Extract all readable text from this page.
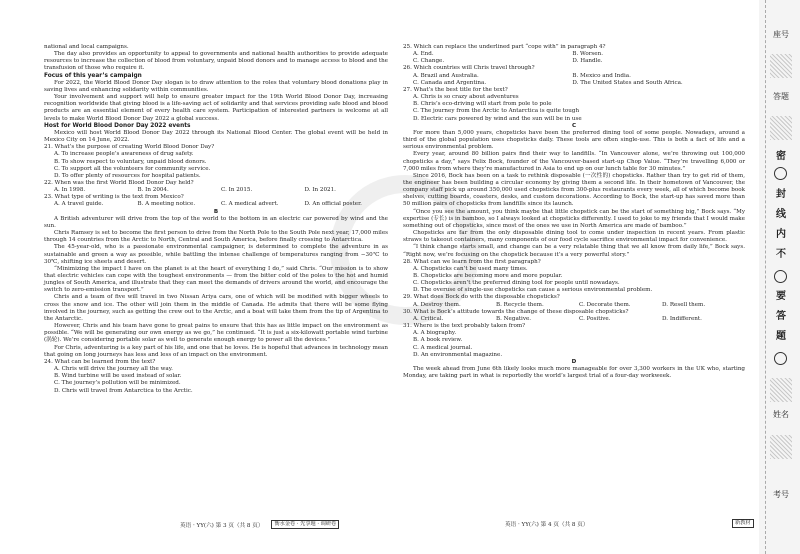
national and local campaigns.

The day also provides an opportunity to appeal to governments and national health authorities to provide adequate resources to increase the collection of blood from voluntary, unpaid blood donors and to manage access to blood and the transfusion of those who require it.

Focus of this year’s campaign

For 2022, the World Blood Donor Day slogan is to draw attention to the roles that voluntary blood donations play in saving lives and enhancing solidarity within communities.

Your involvement and support will help to ensure greater impact for the 19th World Blood Donor Day, increasing recognition worldwide that giving blood is a life-saving act of solidarity and that services providing safe blood and blood products are an essential element of every health care system. Participation of interested partners is welcome at all levels to make World Blood Donor Day 2022 a global success.

Host for World Blood Donor Day 2022 events

Mexico will host World Blood Donor Day 2022 through its National Blood Center. The global event will be held in Mexico City on 14 June, 2022.

21. What’s the purpose of creating World Blood Donor Day?

A. To increase people’s awareness of drug safety.

B. To show respect to voluntary, unpaid blood donors.

C. To support all the volunteers for community service.

D. To offer plenty of resources for hospital patients.

22. When was the first World Blood Donor Day held?

A. In 1998.	B. In 2004.	C. In 2015.	D. In 2021.

23. What type of writing is the text from Mexico?

A. A travel guide.	B. A meeting notice.	C. A medical advert.	D. An official poster.

B

A British adventurer will drive from the top of the world to the bottom in an electric car powered by wind and the sun.

Chris Ramsey is set to become the first person to drive from the North Pole to the South Pole next year, 17,000 miles through 14 countries from the Arctic to North, Central and South America, before finally crossing to Antarctica.

The 45-year-old, who is a passionate environmental campaigner, is determined to complete the adventure in as sustainable and green a way as possible, while battling the intense challenge of temperatures ranging from −30℃ to 30℃, shifting ice sheets and desert.

“Minimizing the impact I have on the planet is at the heart of everything I do,” said Chris. “Our mission is to show that electric vehicles can cope with the toughest environments — from the bitter cold of the poles to the hot and humid jungles of South America, and illustrate that they can meet the demands of drivers around the world, and encourage the switch to zero-emission transport.”

Chris and a team of five will travel in two Nissan Ariya cars, one of which will be modified with bigger wheels to cross the snow and ice. The other will join them in the middle of Canada. He admits that there will be some flying involved in the journey, such as getting the crew out to the Arctic, and a boat will take them from the tip of Argentina to the Antarctic.

However, Chris and his team have gone to great pains to ensure that this has as little impact on the environment as possible. “We will be generating our own energy as we go,” he continued. “It is just a six-kilowatt portable wind turbine (涡轮). We’re considering portable solar as well to generate enough energy to power all the devices.”

For Chris, adventuring is a key part of his life, and one that he loves. He is hopeful that advances in technology mean that going on long journeys has less and less of an impact on the environment.

24. What can be learned from the text?

A. Chris will drive the journey all the way.

B. Wind turbine will be used instead of solar.

C. The journey’s pollution will be minimized.

D. Chris will travel from Antarctica to the Arctic.

英语 · YY(六) 第 3 页（共 8 页）	衡水金卷 · 先享题 · 调研卷

25. Which can replace the underlined part “cope with” in paragraph 4?

A. End.	B. Worsen.
C. Change.	D. Handle.

26. Which countries will Chris travel through?

A. Brazil and Australia.	B. Mexico and India.
C. Canada and Argentina.	D. The United States and South Africa.

27. What’s the best title for the text?

A. Chris is so crazy about adventures

B. Chris’s eco-driving will start from pole to pole

C. The journey from the Arctic to Antarctica is quite tough

D. Electric cars powered by wind and the sun will be in use

C

For more than 5,000 years, chopsticks have been the preferred dining tool of some people. Nowadays, around a third of the global population uses chopsticks daily. These tools are often single-use. This is both a fact of life and a serious environmental problem.

Every year, around 80 billion pairs find their way to landfills. “In Vancouver alone, we’re throwing out 100,000 chopsticks a day,” says Felix Bock, founder of the Vancouver-based start-up Chop Value. “They’re travelling 6,000 or 7,000 miles from where they’re manufactured in Asia to end up on our lunch table for 30 minutes.”

Since 2016, Bock has been on a task to rethink disposable (一次性的) chopsticks. Rather than try to get rid of them, the engineer has been building a circular economy by giving them a second life. In their hometown of Vancouver, the company staff pick up around 350,000 used chopsticks from 300-plus restaurants every week, all of which become book shelves, cutting boards, coasters, desks, and custom decorations. According to Bock, the start-up has saved more than 50 million pairs of chopsticks from landfills since its launch.

“Once you see the amount, you think maybe that little chopstick can be the start of something big,” Bock says. “My expertise (专长) is in bamboo, so I always looked at chopsticks differently. I used to joke to my friends that I would make something out of chopsticks, since most of the ones we use in North America are made of bamboo.”

Chopsticks are far from the only disposable dining tool to come under inspection in recent years. From plastic straws to takeout containers, many components of our food cycle sacrifice environmental impact for convenience.

“I think change starts small, and change can be a very relatable thing that we all know from daily life,” Bock says. “Right now, we’re focusing on the chopstick because it’s a very powerful story.”

28. What can we learn from the first paragraph?

A. Chopsticks can’t be used many times.

B. Chopsticks are becoming more and more popular.

C. Chopsticks aren’t the preferred dining tool for people until nowadays.

D. The overuse of single-use chopsticks can cause a serious environmental problem.

29. What does Bock do with the disposable chopsticks?

A. Destroy them.	B. Recycle them.	C. Decorate them.	D. Resell them.

30. What is Bock’s attitude towards the change of these disposable chopsticks?

A. Critical.	B. Negative.	C. Positive.	D. Indifferent.

31. Where is the text probably taken from?

A. A biography.

B. A book review.

C. A medical journal.

D. An environmental magazine.

D

The week ahead from June 6th likely looks much more manageable for over 3,300 workers in the UK who, starting Monday, are taking part in what is reportedly the world’s largest trial of a four-day workweek.

英语 · YY(六) 第 4 页（共 8 页）	新教材
座号
答题
密
封
线
内
不
要
答
题
姓名
考号
